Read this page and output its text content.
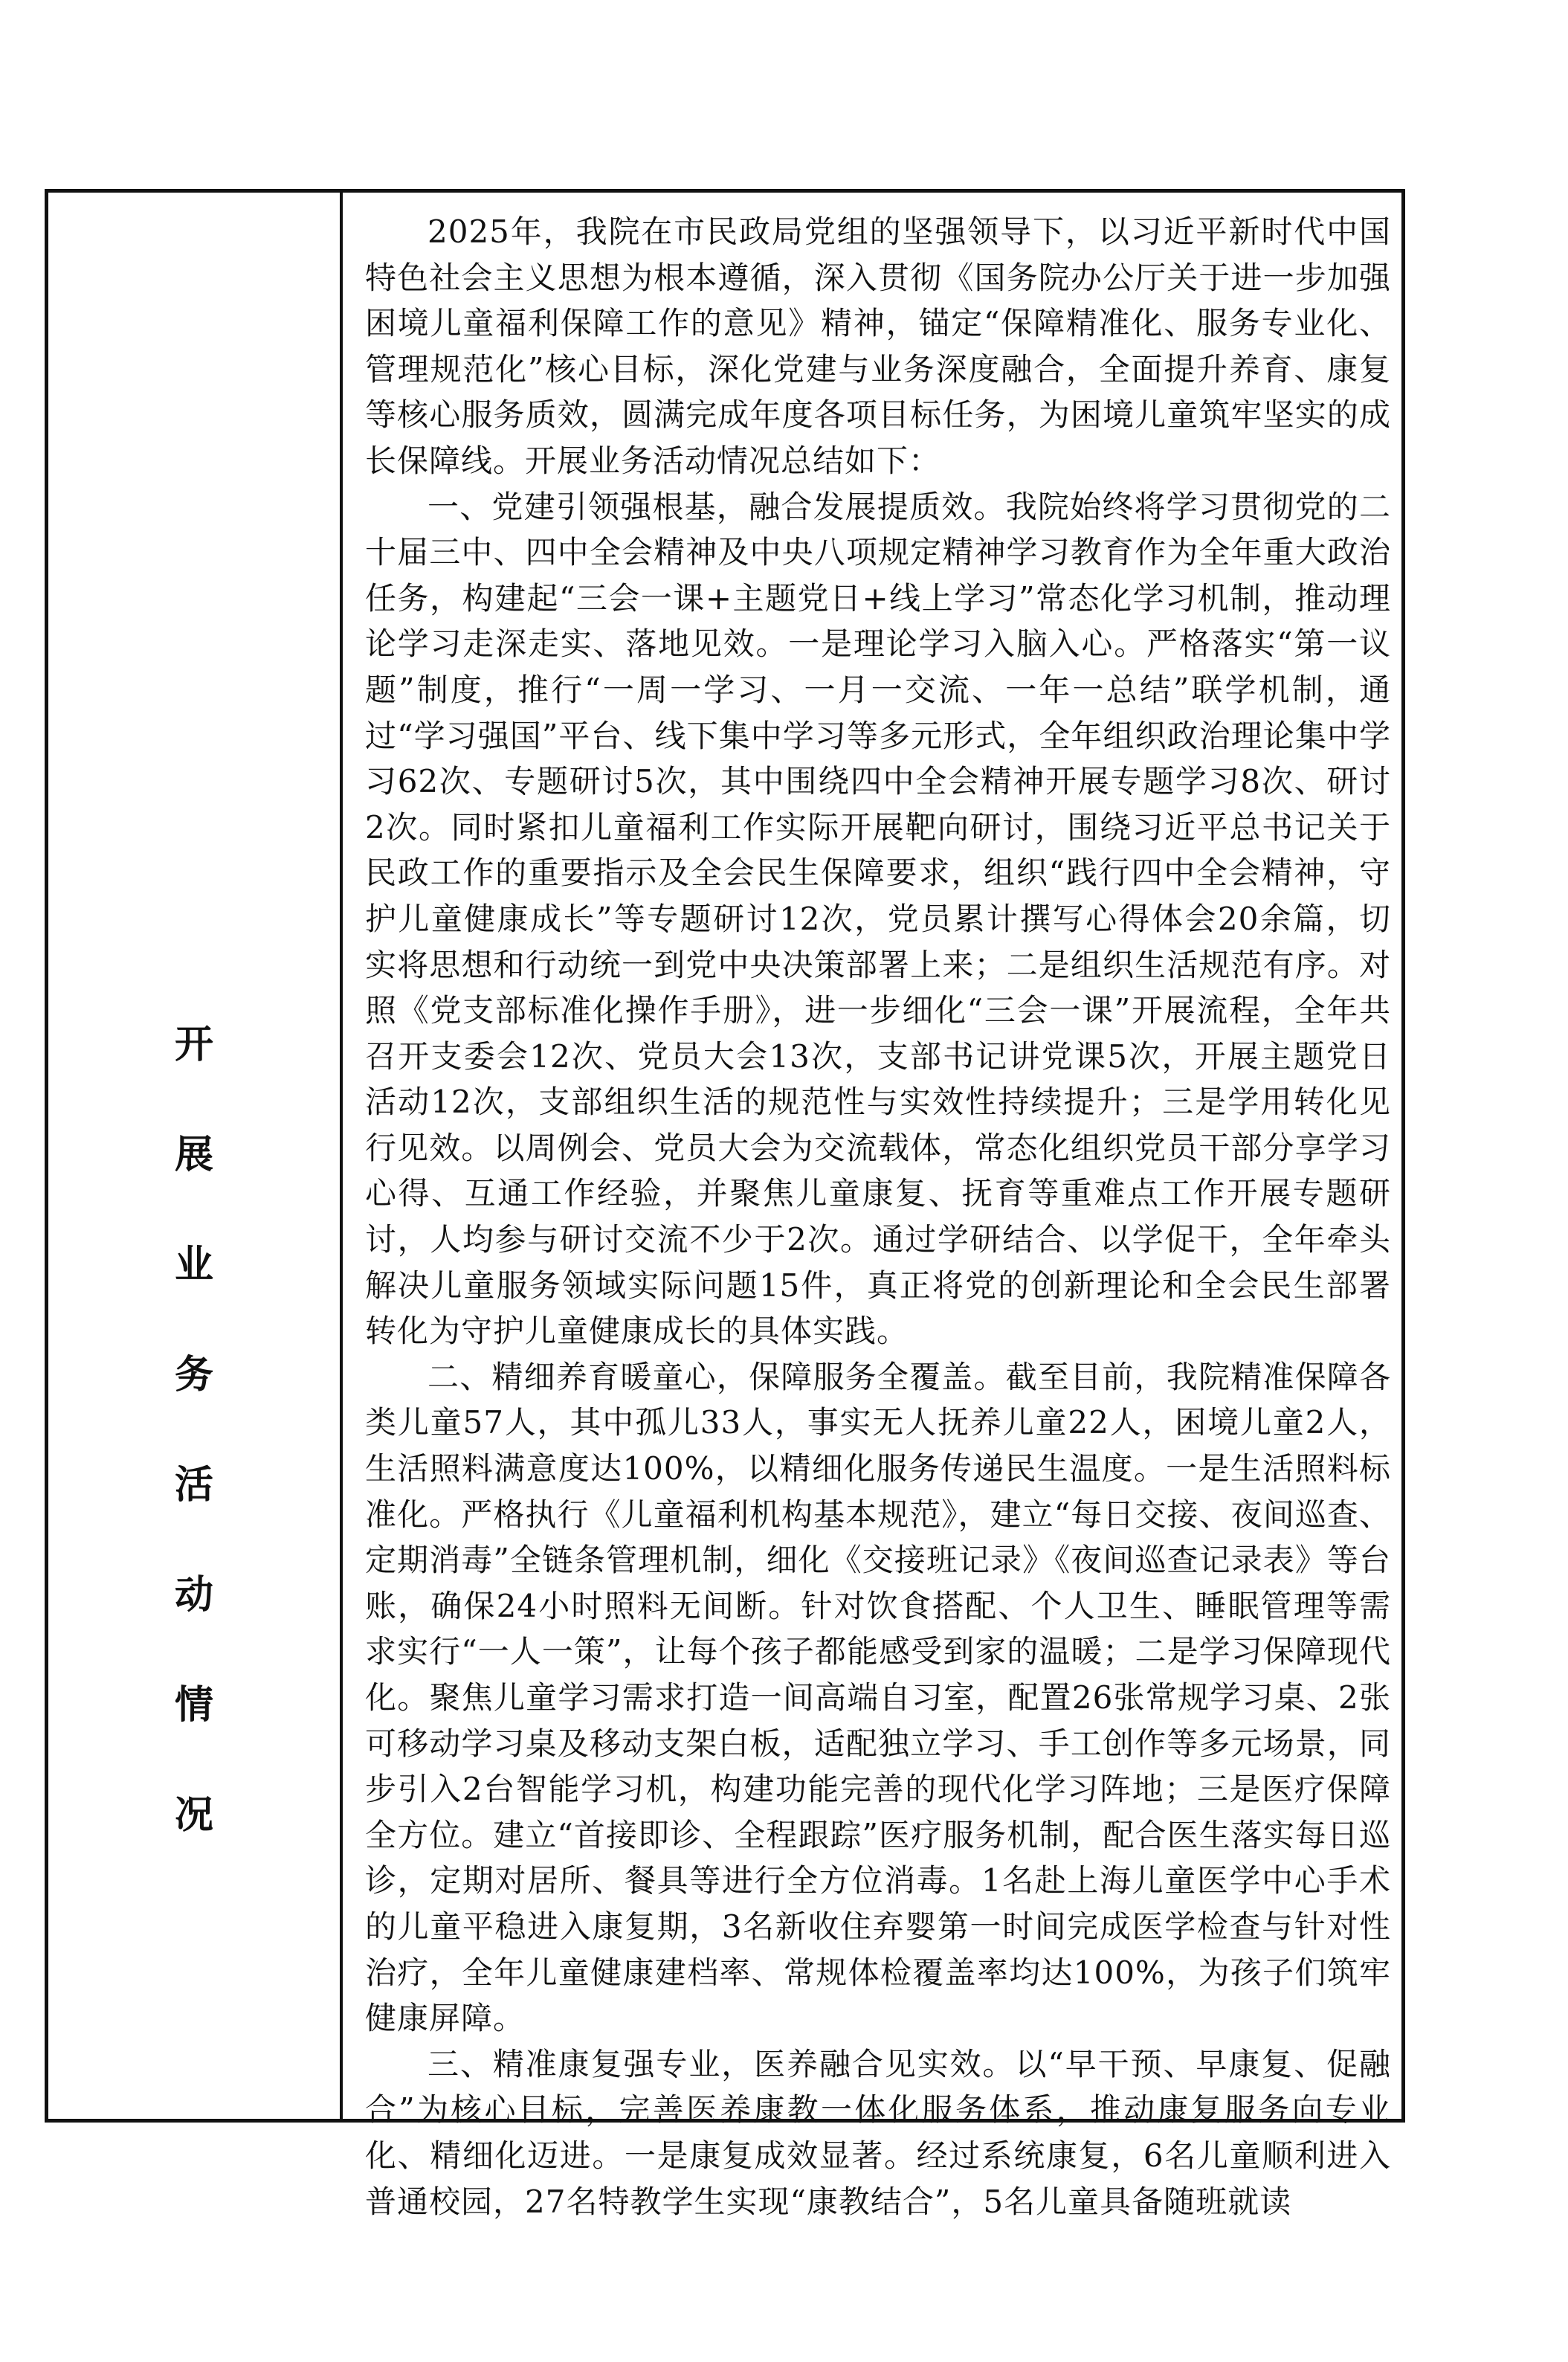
开
展
业
务
活
动
情
况

2025年，我院在市民政局党组的坚强领导下，以习近平新时代中国特色社会主义思想为根本遵循，深入贯彻《国务院办公厅关于进一步加强困境儿童福利保障工作的意见》精神，锚定“保障精准化、服务专业化、管理规范化”核心目标，深化党建与业务深度融合，全面提升养育、康复等核心服务质效，圆满完成年度各项目标任务，为困境儿童筑牢坚实的成长保障线。开展业务活动情况总结如下：

一、党建引领强根基，融合发展提质效。我院始终将学习贯彻党的二十届三中、四中全会精神及中央八项规定精神学习教育作为全年重大政治任务，构建起“三会一课+主题党日+线上学习”常态化学习机制，推动理论学习走深走实、落地见效。一是理论学习入脑入心。严格落实“第一议题”制度，推行“一周一学习、一月一交流、一年一总结”联学机制，通过“学习强国”平台、线下集中学习等多元形式，全年组织政治理论集中学习62次、专题研讨5次，其中围绕四中全会精神开展专题学习8次、研讨2次。同时紧扣儿童福利工作实际开展靶向研讨，围绕习近平总书记关于民政工作的重要指示及全会民生保障要求，组织“践行四中全会精神，守护儿童健康成长”等专题研讨12次，党员累计撰写心得体会20余篇，切实将思想和行动统一到党中央决策部署上来；二是组织生活规范有序。对照《党支部标准化操作手册》，进一步细化“三会一课”开展流程，全年共召开支委会12次、党员大会13次，支部书记讲党课5次，开展主题党日活动12次，支部组织生活的规范性与实效性持续提升；三是学用转化见行见效。以周例会、党员大会为交流载体，常态化组织党员干部分享学习心得、互通工作经验，并聚焦儿童康复、抚育等重难点工作开展专题研讨，人均参与研讨交流不少于2次。通过学研结合、以学促干，全年牵头解决儿童服务领域实际问题15件，真正将党的创新理论和全会民生部署转化为守护儿童健康成长的具体实践。

二、精细养育暖童心，保障服务全覆盖。截至目前，我院精准保障各类儿童57人，其中孤儿33人，事实无人抚养儿童22人，困境儿童2人，生活照料满意度达100%，以精细化服务传递民生温度。一是生活照料标准化。严格执行《儿童福利机构基本规范》，建立“每日交接、夜间巡查、定期消毒”全链条管理机制，细化《交接班记录》《夜间巡查记录表》等台账，确保24小时照料无间断。针对饮食搭配、个人卫生、睡眠管理等需求实行“一人一策”，让每个孩子都能感受到家的温暖；二是学习保障现代化。聚焦儿童学习需求打造一间高端自习室，配置26张常规学习桌、2张可移动学习桌及移动支架白板，适配独立学习、手工创作等多元场景，同步引入2台智能学习机，构建功能完善的现代化学习阵地；三是医疗保障全方位。建立“首接即诊、全程跟踪”医疗服务机制，配合医生落实每日巡诊，定期对居所、餐具等进行全方位消毒。1名赴上海儿童医学中心手术的儿童平稳进入康复期，3名新收住弃婴第一时间完成医学检查与针对性治疗，全年儿童健康建档率、常规体检覆盖率均达100%，为孩子们筑牢健康屏障。

三、精准康复强专业，医养融合见实效。以“早干预、早康复、促融合”为核心目标，完善医养康教一体化服务体系，推动康复服务向专业化、精细化迈进。一是康复成效显著。经过系统康复，6名儿童顺利进入普通校园，27名特教学生实现“康教结合”，5名儿童具备随班就读
